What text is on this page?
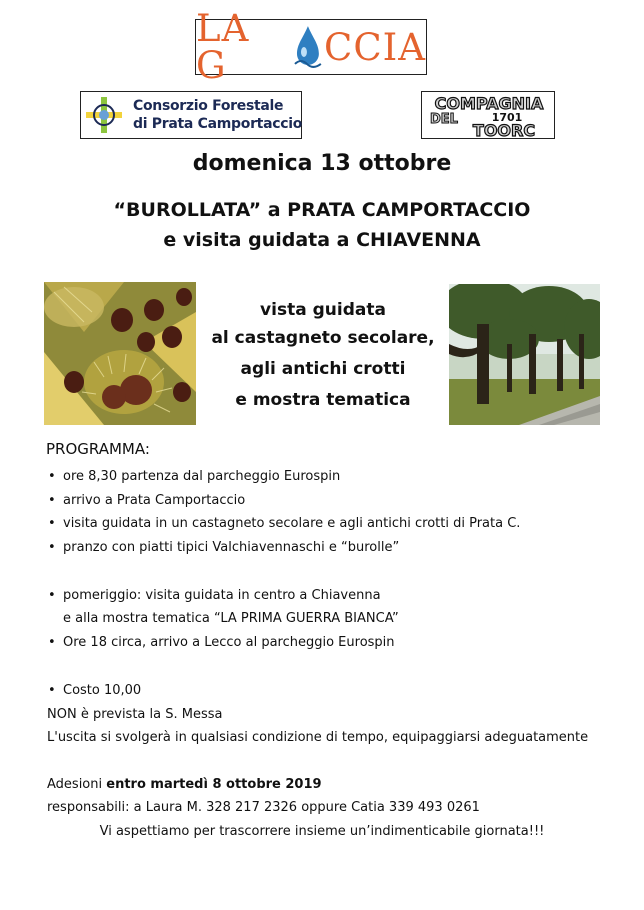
LA G	CCIA
Consorzio Forestale
di Prata Camportaccio
COMPAGNIA
DEL	1701
TOORC
domenica 13 ottobre
“BUROLLATA” a PRATA CAMPORTACCIO
e visita guidata a CHIAVENNA
vista guidata
al castagneto secolare,
agli antichi crotti
e mostra tematica
PROGRAMMA:
• ore 8,30 partenza dal parcheggio Eurospin
• arrivo a Prata Camportaccio
• visita guidata in un castagneto secolare e agli antichi crotti di Prata C.
• pranzo con piatti tipici Valchiavennaschi e “burolle”
• pomeriggio: visita guidata in centro a Chiavenna
e alla mostra tematica “LA PRIMA GUERRA BIANCA”
• Ore 18 circa, arrivo a Lecco al parcheggio Eurospin
• Costo 10,00
NON è prevista la S. Messa
L'uscita si svolgerà in qualsiasi condizione di tempo, equipaggiarsi adeguatamente
Adesioni entro martedì 8 ottobre 2019
responsabili: a Laura M. 328 217 2326 oppure Catia 339 493 0261
Vi aspettiamo per trascorrere insieme un’indimenticabile giornata!!!
